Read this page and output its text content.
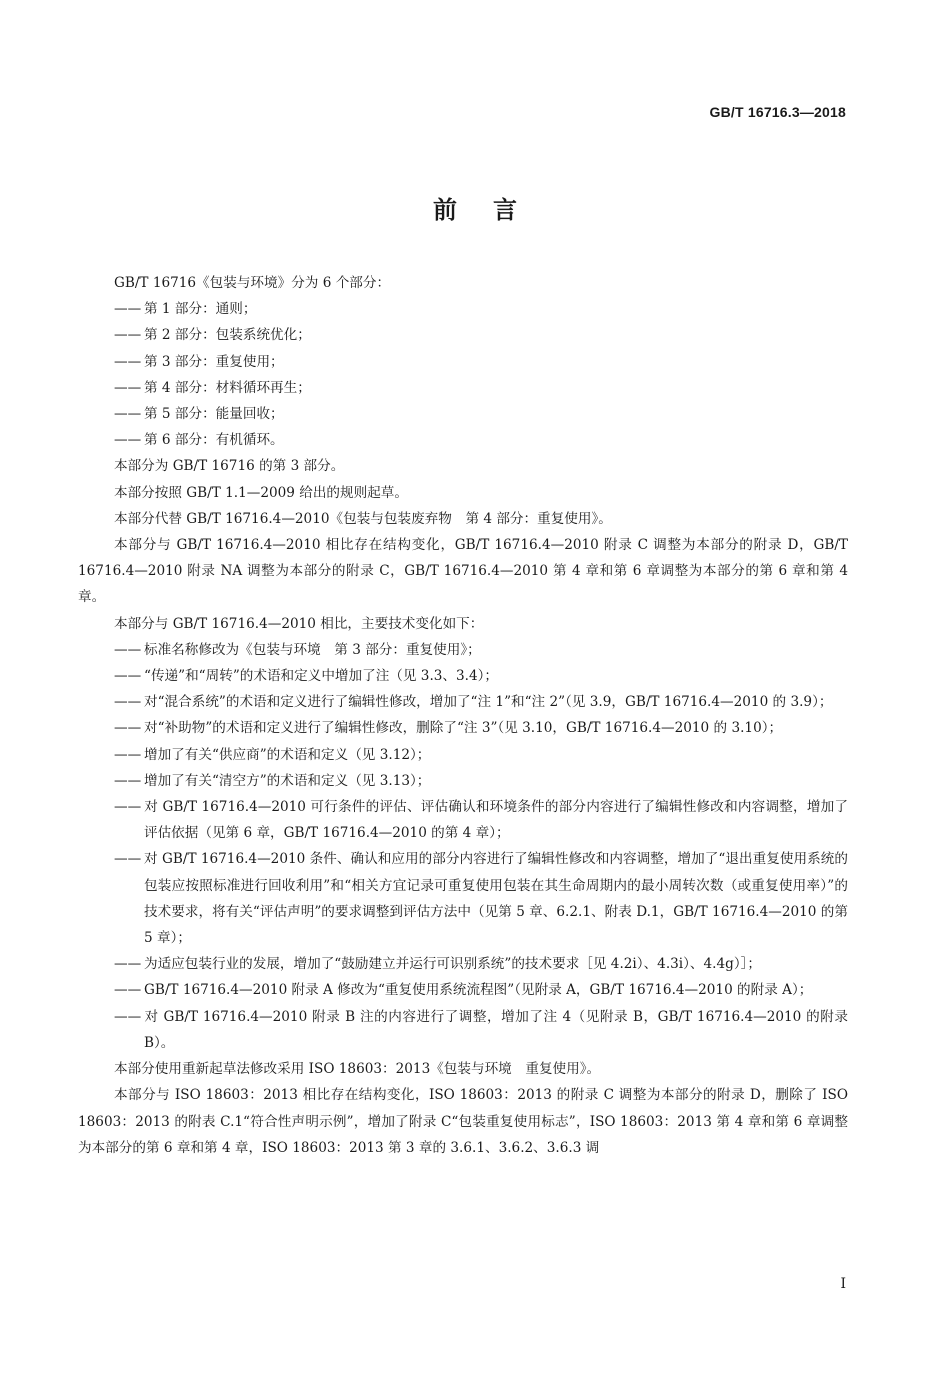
GB/T 16716.3—2018
前言

GB/T 16716《包装与环境》分为 6 个部分：

—— 第 1 部分：通则；

—— 第 2 部分：包装系统优化；

—— 第 3 部分：重复使用；

—— 第 4 部分：材料循环再生；

—— 第 5 部分：能量回收；

—— 第 6 部分：有机循环。

本部分为 GB/T 16716 的第 3 部分。

本部分按照 GB/T 1.1—2009 给出的规则起草。

本部分代替 GB/T 16716.4—2010《包装与包装废弃物　第 4 部分：重复使用》。

本部分与 GB/T 16716.4—2010 相比存在结构变化，GB/T 16716.4—2010 附录 C 调整为本部分的附录 D，GB/T 16716.4—2010 附录 NA 调整为本部分的附录 C，GB/T 16716.4—2010 第 4 章和第 6 章调整为本部分的第 6 章和第 4 章。

本部分与 GB/T 16716.4—2010 相比，主要技术变化如下：

—— 标准名称修改为《包装与环境　第 3 部分：重复使用》；

—— “传递”和“周转”的术语和定义中增加了注（见 3.3、3.4）；

—— 对“混合系统”的术语和定义进行了编辑性修改，增加了“注 1”和“注 2”（见 3.9，GB/T 16716.4—2010 的 3.9）；

—— 对“补助物”的术语和定义进行了编辑性修改，删除了“注 3”（见 3.10，GB/T 16716.4—2010 的 3.10）；

—— 增加了有关“供应商”的术语和定义（见 3.12）；

—— 增加了有关“清空方”的术语和定义（见 3.13）；

—— 对 GB/T 16716.4—2010 可行条件的评估、评估确认和环境条件的部分内容进行了编辑性修改和内容调整，增加了评估依据（见第 6 章，GB/T 16716.4—2010 的第 4 章）；

—— 对 GB/T 16716.4—2010 条件、确认和应用的部分内容进行了编辑性修改和内容调整，增加了“退出重复使用系统的包装应按照标准进行回收利用”和“相关方宜记录可重复使用包装在其生命周期内的最小周转次数（或重复使用率）”的技术要求，将有关“评估声明”的要求调整到评估方法中（见第 5 章、6.2.1、附表 D.1，GB/T 16716.4—2010 的第 5 章）；

—— 为适应包装行业的发展，增加了“鼓励建立并运行可识别系统”的技术要求［见 4.2i）、4.3i）、4.4g）］；

—— GB/T 16716.4—2010 附录 A 修改为“重复使用系统流程图”（见附录 A，GB/T 16716.4—2010 的附录 A）；

—— 对 GB/T 16716.4—2010 附录 B 注的内容进行了调整，增加了注 4（见附录 B，GB/T 16716.4—2010 的附录 B）。

本部分使用重新起草法修改采用 ISO 18603：2013《包装与环境　重复使用》。

本部分与 ISO 18603：2013 相比存在结构变化，ISO 18603：2013 的附录 C 调整为本部分的附录 D，删除了 ISO 18603：2013 的附表 C.1“符合性声明示例”，增加了附录 C“包装重复使用标志”，ISO 18603：2013 第 4 章和第 6 章调整为本部分的第 6 章和第 4 章，ISO 18603：2013 第 3 章的 3.6.1、3.6.2、3.6.3 调

I
